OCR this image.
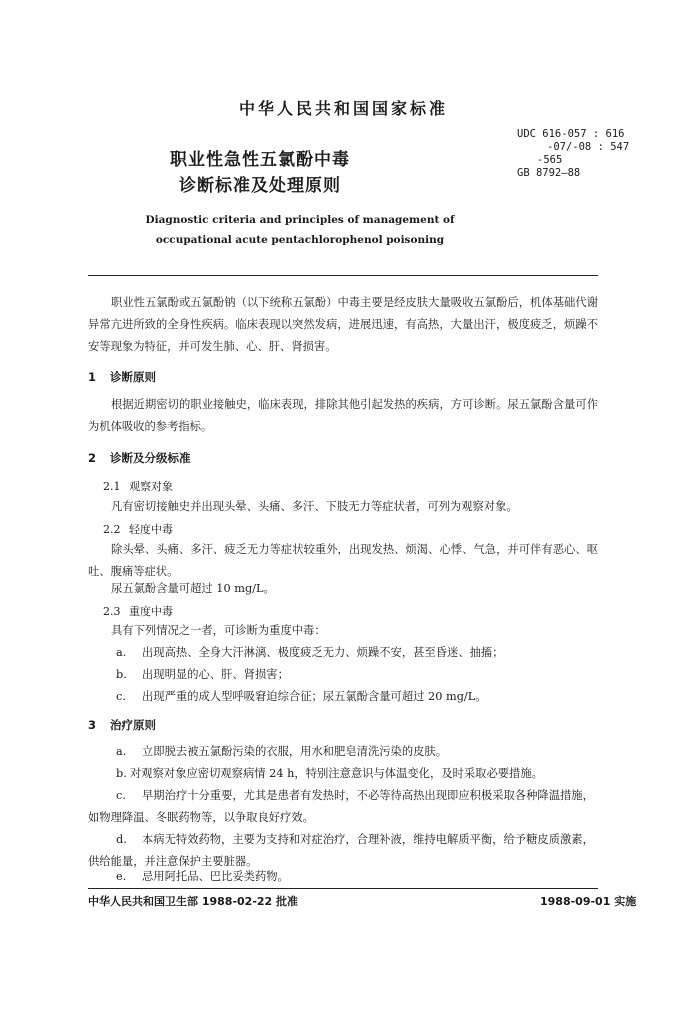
中华人民共和国国家标准
UDC 616-057 : 616
-07/-08 : 547
-565
GB 8792—88
职业性急性五氯酚中毒
诊断标准及处理原则
Diagnostic criteria and principles of management of
occupational acute pentachlorophenol poisoning
职业性五氯酚或五氯酚钠（以下统称五氯酚）中毒主要是经皮肤大量吸收五氯酚后，机体基础代谢异常亢进所致的全身性疾病。临床表现以突然发病，进展迅速，有高热，大量出汗，极度疲乏，烦躁不安等现象为特征，并可发生肺、心、肝、肾损害。
1 诊断原则
根据近期密切的职业接触史，临床表现，排除其他引起发热的疾病，方可诊断。尿五氯酚含量可作为机体吸收的参考指标。
2 诊断及分级标准
2.1 观察对象
凡有密切接触史并出现头晕、头痛、多汗、下肢无力等症状者，可列为观察对象。
2.2 轻度中毒
除头晕、头痛、多汗、疲乏无力等症状较重外，出现发热、烦渴、心悸、气急，并可伴有恶心、呕吐、腹痛等症状。
尿五氯酚含量可超过 10 mg/L。
2.3 重度中毒
具有下列情况之一者，可诊断为重度中毒：
a. 出现高热、全身大汗淋漓、极度疲乏无力、烦躁不安，甚至昏迷、抽搐；
b. 出现明显的心、肝、肾损害；
c. 出现严重的成人型呼吸窘迫综合征；尿五氯酚含量可超过 20 mg/L。
3 治疗原则
a. 立即脱去被五氯酚污染的衣服，用水和肥皂清洗污染的皮肤。
b. 对观察对象应密切观察病情 24 h，特别注意意识与体温变化，及时采取必要措施。
c. 早期治疗十分重要，尤其是患者有发热时，不必等待高热出现即应积极采取各种降温措施，如物理降温、冬眠药物等，以争取良好疗效。
d. 本病无特效药物，主要为支持和对症治疗，合理补液，维持电解质平衡，给予糖皮质激素，供给能量，并注意保护主要脏器。
e. 忌用阿托品、巴比妥类药物。
中华人民共和国卫生部 1988-02-22 批准	1988-09-01 实施
